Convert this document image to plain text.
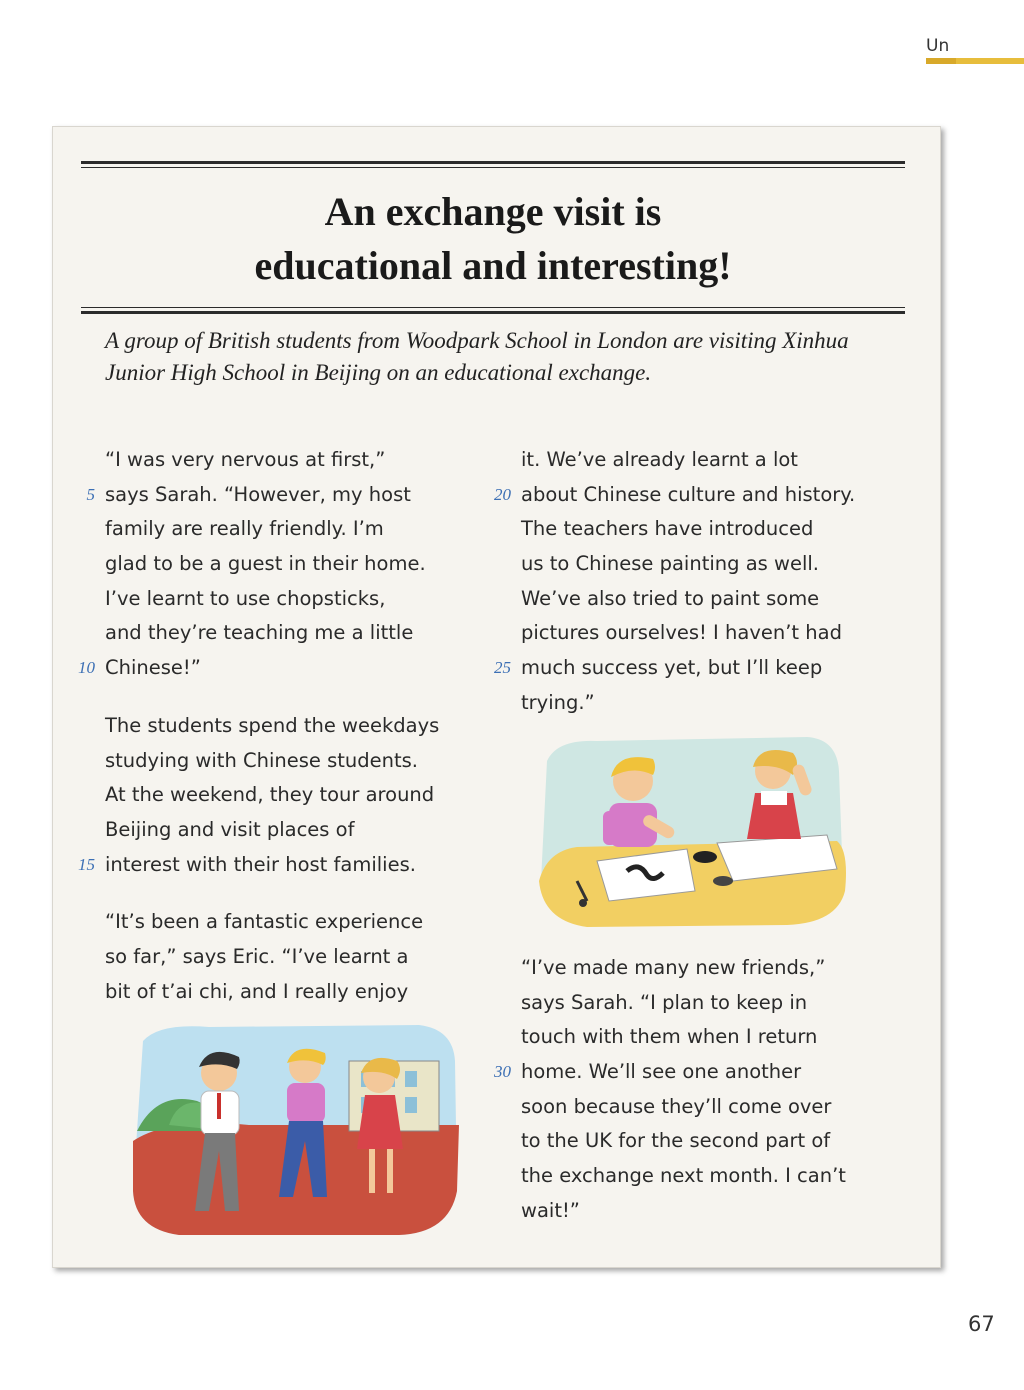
Un
An exchange visit is
educational and interesting!
A group of British students from Woodpark School in London are visiting Xinhua Junior High School in Beijing on an educational exchange.
“I was very nervous at first,”
5 says Sarah. “However, my host
family are really friendly. I’m
glad to be a guest in their home.
I’ve learnt to use chopsticks,
and they’re teaching me a little
10 Chinese!”
The students spend the weekdays
studying with Chinese students.
At the weekend, they tour around
Beijing and visit places of
15 interest with their host families.
“It’s been a fantastic experience
so far,” says Eric. “I’ve learnt a
bit of t’ai chi, and I really enjoy
it. We’ve already learnt a lot
20 about Chinese culture and history.
The teachers have introduced
us to Chinese painting as well.
We’ve also tried to paint some
pictures ourselves! I haven’t had
25 much success yet, but I’ll keep
trying.”
“I’ve made many new friends,”
says Sarah. “I plan to keep in
touch with them when I return
30 home. We’ll see one another
soon because they’ll come over
to the UK for the second part of
the exchange next month. I can’t
wait!”
67
